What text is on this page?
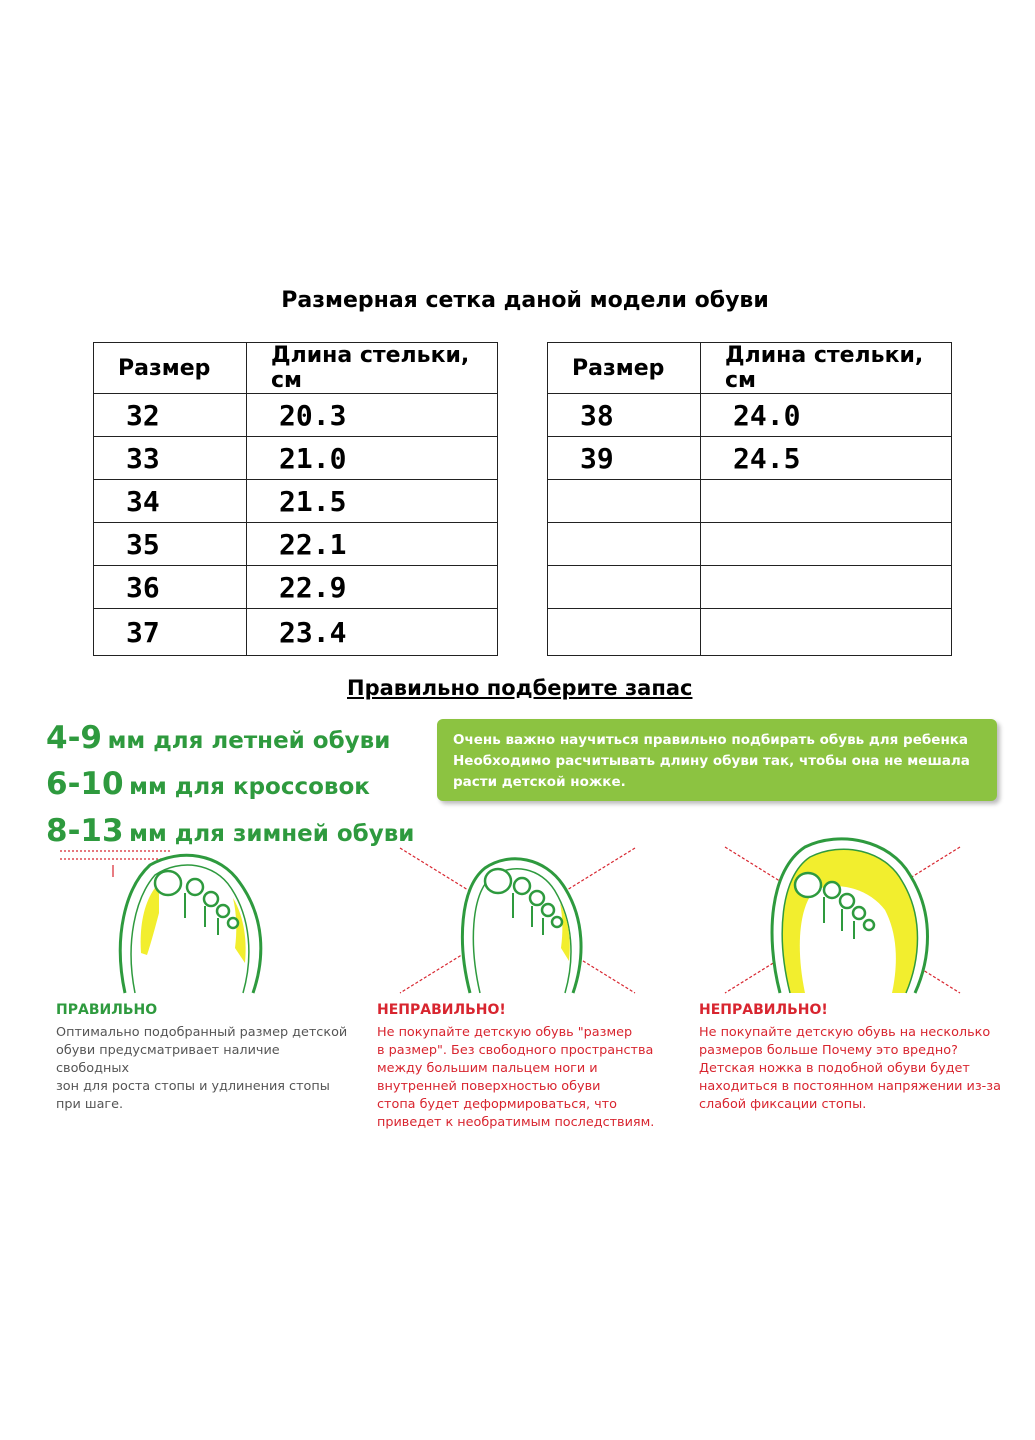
Размерная сетка даной модели обуви
Размер	Длина стельки, см
32	20.3
33	21.0
34	21.5
35	22.1
36	22.9
37	23.4
Размер	Длина стельки, см
38	24.0
39	24.5

Правильно подберите запас
4-9 мм для летней обуви
6-10 мм для кроссовок
8-13 мм для зимней обуви
Очень важно научиться правильно подбирать обувь для ребенка
Необходимо расчитывать длину обуви так, чтобы она не мешала
расти детской ножке.
ПРАВИЛЬНО
Оптимально подобранный размер детской
обуви предусматривает наличие свободных
зон для роста стопы и удлинения стопы
при шаге.
НЕПРАВИЛЬНО!
Не покупайте детскую обувь "размер
в размер". Без свободного пространства
между большим пальцем ноги и
внутренней поверхностью обуви
стопа будет деформироваться, что
приведет к необратимым последствиям.
НЕПРАВИЛЬНО!
Не покупайте детскую обувь на несколько
размеров больше Почему это вредно?
Детская ножка в подобной обуви будет
находиться в постоянном напряжении из-за
слабой фиксации стопы.
